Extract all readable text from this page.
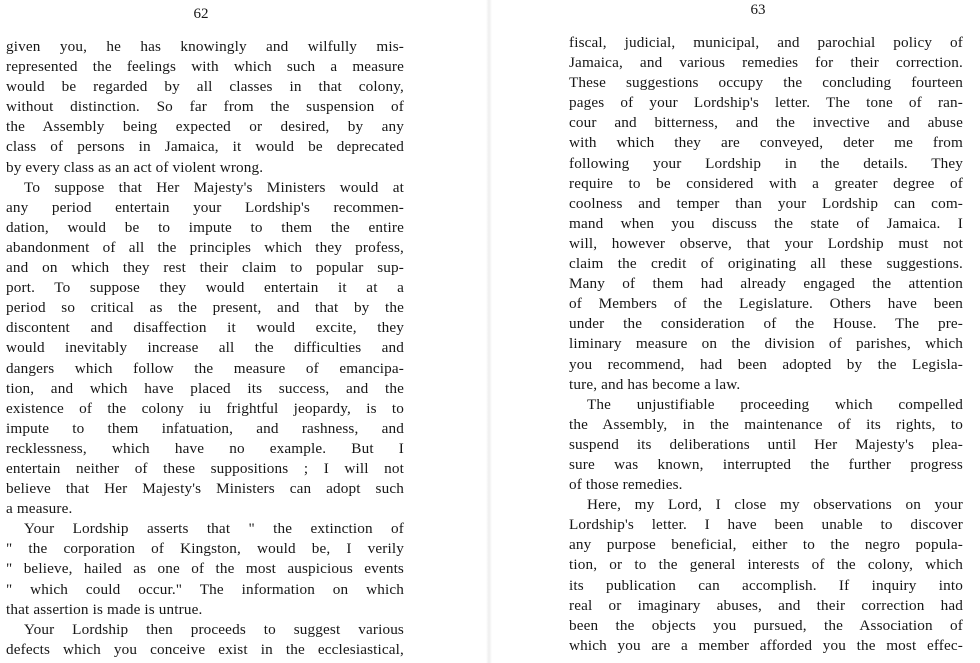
62
given you, he has knowingly and wilfully mis-
represented the feelings with which such a measure
would be regarded by all classes in that colony,
without distinction. So far from the suspension of
the Assembly being expected or desired, by any
class of persons in Jamaica, it would be deprecated
by every class as an act of violent wrong.
To suppose that Her Majesty's Ministers would at
any period entertain your Lordship's recommen-
dation, would be to impute to them the entire
abandonment of all the principles which they profess,
and on which they rest their claim to popular sup-
port. To suppose they would entertain it at a
period so critical as the present, and that by the
discontent and disaffection it would excite, they
would inevitably increase all the difficulties and
dangers which follow the measure of emancipa-
tion, and which have placed its success, and the
existence of the colony iu frightful jeopardy, is to
impute to them infatuation, and rashness, and
recklessness, which have no example. But I
entertain neither of these suppositions ; I will not
believe that Her Majesty's Ministers can adopt such
a measure.
Your Lordship asserts that " the extinction of
" the corporation of Kingston, would be, I verily
" believe, hailed as one of the most auspicious events
" which could occur." The information on which
that assertion is made is untrue.
Your Lordship then proceeds to suggest various
defects which you conceive exist in the ecclesiastical,
63
fiscal, judicial, municipal, and parochial policy of
Jamaica, and various remedies for their correction.
These suggestions occupy the concluding fourteen
pages of your Lordship's letter. The tone of ran-
cour and bitterness, and the invective and abuse
with which they are conveyed, deter me from
following your Lordship in the details. They
require to be considered with a greater degree of
coolness and temper than your Lordship can com-
mand when you discuss the state of Jamaica. I
will, however observe, that your Lordship must not
claim the credit of originating all these suggestions.
Many of them had already engaged the attention
of Members of the Legislature. Others have been
under the consideration of the House. The pre-
liminary measure on the division of parishes, which
you recommend, had been adopted by the Legisla-
ture, and has become a law.
The unjustifiable proceeding which compelled
the Assembly, in the maintenance of its rights, to
suspend its deliberations until Her Majesty's plea-
sure was known, interrupted the further progress
of those remedies.
Here, my Lord, I close my observations on your
Lordship's letter. I have been unable to discover
any purpose beneficial, either to the negro popula-
tion, or to the general interests of the colony, which
its publication can accomplish. If inquiry into
real or imaginary abuses, and their correction had
been the objects you pursued, the Association of
which you are a member afforded you the most effec-
